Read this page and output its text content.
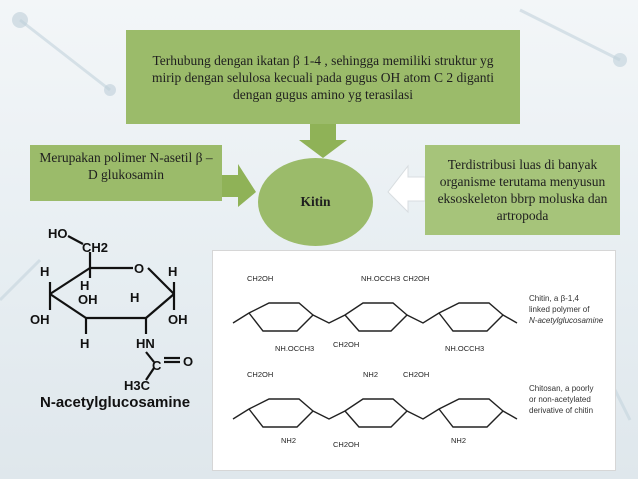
Terhubung dengan ikatan β 1-4 , sehingga memiliki struktur yg mirip dengan selulosa kecuali pada gugus OH atom C 2 diganti dengan gugus amino yg terasilasi
Merupakan polimer N-asetil β – D glukosamin
Terdistribusi luas di banyak organisme terutama menyusun eksoskeleton bbrp moluska dan artropoda
Kitin
HO
CH2
H	O H
H
OH	H
OH	OH
H	HN
C O
H3C
N-acetylglucosamine
CH2OH
NH.OCCH3	CH2OH
NH.OCCH3 CH2OH
NH.OCCH3
CH2OH
NH2
NH2
CH2OH
CH2OH
NH2
Chitin, a β-1,4
linked polymer of
N-acetylglucosamine
Chitosan, a poorly
or non-acetylated
derivative of chitin
